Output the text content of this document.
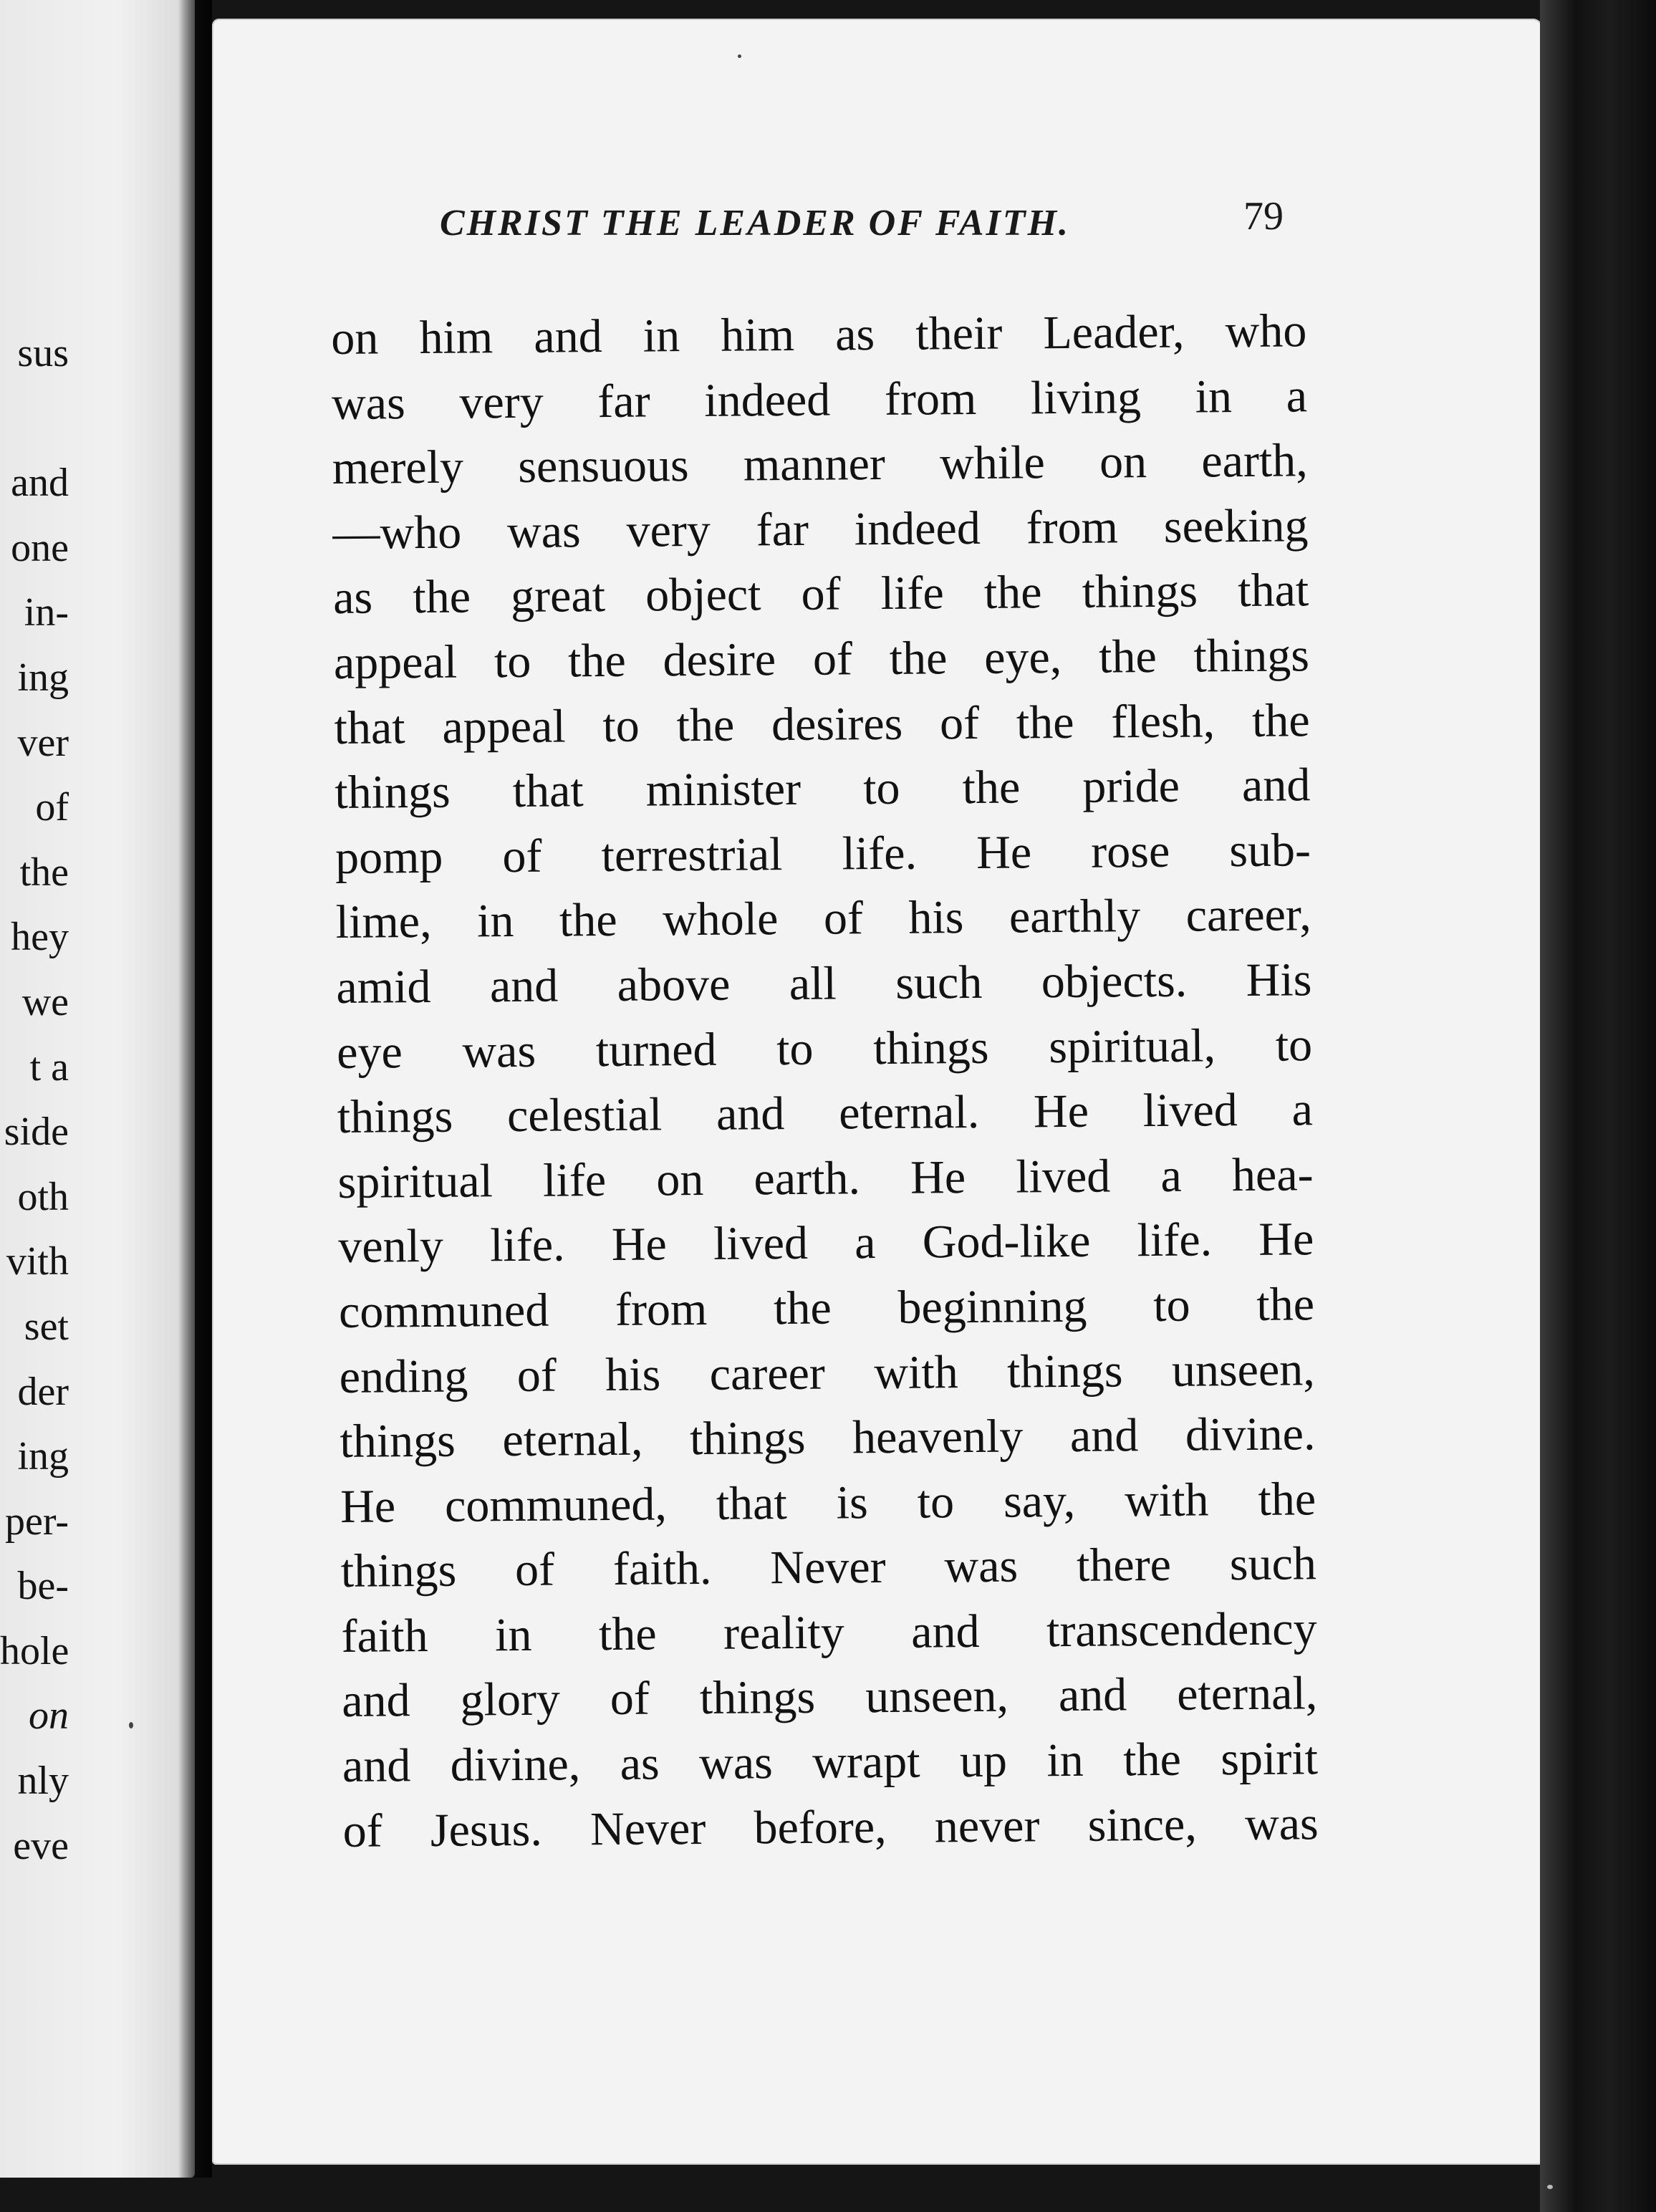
sus

and
one
in-
ing
ver
of
the
hey
we
t a
side
oth
vith
set
der
ing
per-
be-
hole
on
nly
eve
CHRIST THE LEADER OF FAITH.	79
on him and in him as their Leader, who
was very far indeed from living in a
merely sensuous manner while on earth,
—who was very far indeed from seeking
as the great object of life the things that
appeal to the desire of the eye, the things
that appeal to the desires of the flesh, the
things that minister to the pride and
pomp of terrestrial life. He rose sub-
lime, in the whole of his earthly career,
amid and above all such objects. His
eye was turned to things spiritual, to
things celestial and eternal. He lived a
spiritual life on earth. He lived a hea-
venly life. He lived a God-like life. He
communed from the beginning to the
ending of his career with things unseen,
things eternal, things heavenly and divine.
He communed, that is to say, with the
things of faith. Never was there such
faith in the reality and transcendency
and glory of things unseen, and eternal,
and divine, as was wrapt up in the spirit
of Jesus. Never before, never since, was
